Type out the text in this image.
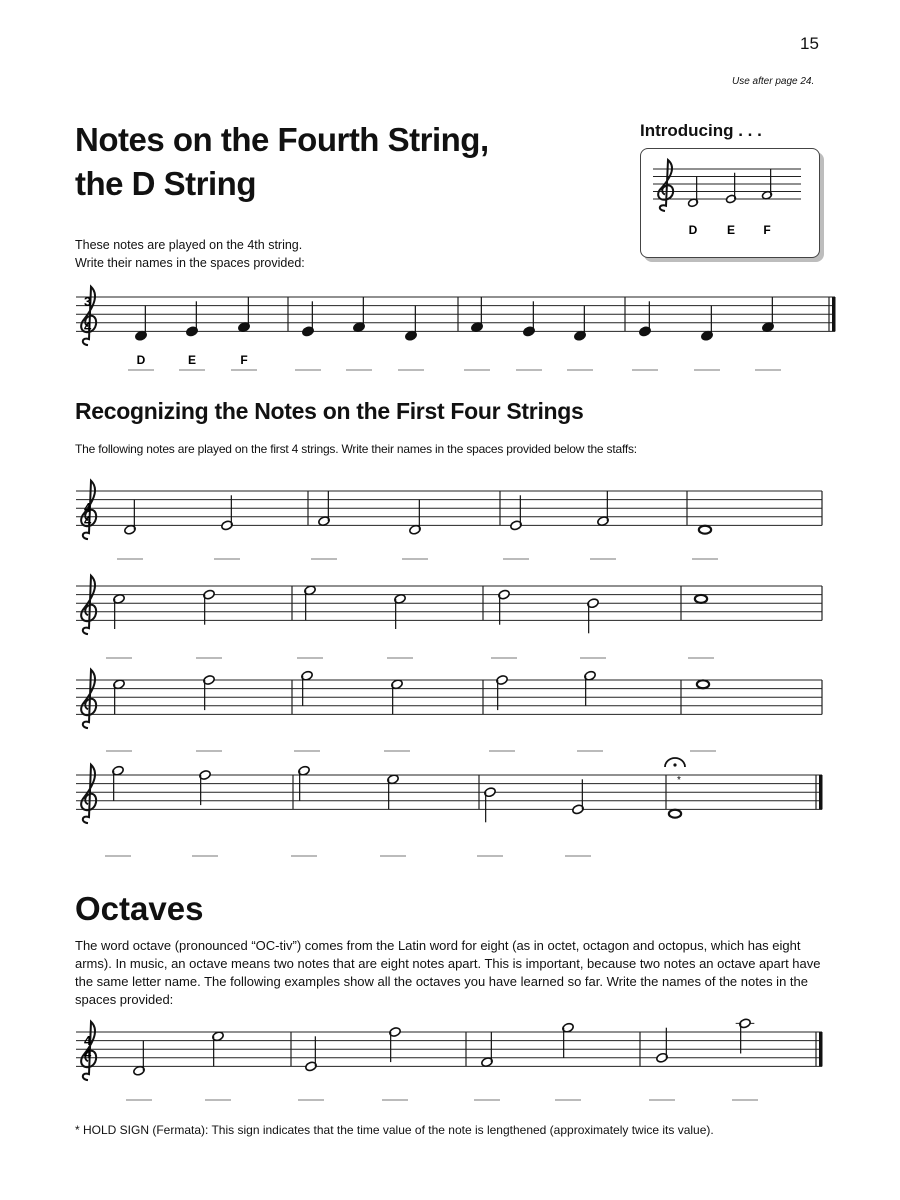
15
Use after page 24.
Notes on the Fourth String,
the D String
Introducing . . .
D E F
These notes are played on the 4th string.
Write their names in the spaces provided:
3
4
D	E	F
Recognizing the Notes on the First Four Strings
The following notes are played on the first 4 strings. Write their names in the spaces provided below the staffs:
4
4
*
Octaves
The word octave (pronounced “OC-tiv”) comes from the Latin word for eight (as in octet, octagon and octopus, which has eight arms). In music, an octave means two notes that are eight notes apart. This is important, because two notes an octave apart have the same letter name. The following examples show all the octaves you have learned so far. Write the names of the notes in the spaces provided:
4
4
* HOLD SIGN (Fermata): This sign indicates that the time value of the note is lengthened (approximately twice its value).
